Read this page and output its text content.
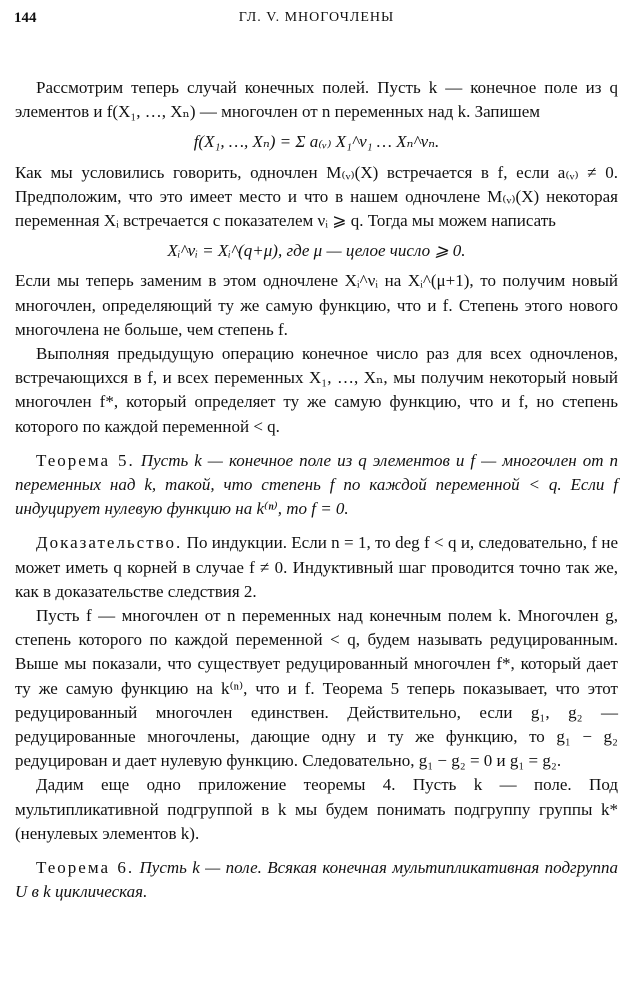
144	ГЛ. V. МНОГОЧЛЕНЫ

Рассмотрим теперь случай конечных полей. Пусть k — конечное поле из q элементов и f(X₁, …, Xₙ) — многочлен от n переменных над k. Запишем

f(X₁, …, Xₙ) = Σ a₍ᵥ₎ X₁^ν₁ … Xₙ^νₙ.

Как мы условились говорить, одночлен M₍ᵥ₎(X) встречается в f, если a₍ᵥ₎ ≠ 0. Предположим, что это имеет место и что в нашем одночлене M₍ᵥ₎(X) некоторая переменная Xᵢ встречается с показателем νᵢ ⩾ q. Тогда мы можем написать

Xᵢ^νᵢ = Xᵢ^(q+μ), где μ — целое число ⩾ 0.

Если мы теперь заменим в этом одночлене Xᵢ^νᵢ на Xᵢ^(μ+1), то получим новый многочлен, определяющий ту же самую функцию, что и f. Степень этого нового многочлена не больше, чем степень f.

Выполняя предыдущую операцию конечное число раз для всех одночленов, встречающихся в f, и всех переменных X₁, …, Xₙ, мы получим некоторый новый многочлен f*, который определяет ту же самую функцию, что и f, но степень которого по каждой переменной < q.

Теорема 5. Пусть k — конечное поле из q элементов и f — многочлен от n переменных над k, такой, что степень f по каждой переменной < q. Если f индуцирует нулевую функцию на k⁽ⁿ⁾, то f = 0.

Доказательство. По индукции. Если n = 1, то deg f < q и, следовательно, f не может иметь q корней в случае f ≠ 0. Индуктивный шаг проводится точно так же, как в доказательстве следствия 2.

Пусть f — многочлен от n переменных над конечным полем k. Многочлен g, степень которого по каждой переменной < q, будем называть редуцированным. Выше мы показали, что существует редуцированный многочлен f*, который дает ту же самую функцию на k⁽ⁿ⁾, что и f. Теорема 5 теперь показывает, что этот редуцированный многочлен единствен. Действительно, если g₁, g₂ — редуцированные многочлены, дающие одну и ту же функцию, то g₁ − g₂ редуцирован и дает нулевую функцию. Следовательно, g₁ − g₂ = 0 и g₁ = g₂.

Дадим еще одно приложение теоремы 4. Пусть k — поле. Под мультипликативной подгруппой в k мы будем понимать подгруппу группы k* (ненулевых элементов k).

Теорема 6. Пусть k — поле. Всякая конечная мультипликативная подгруппа U в k циклическая.
